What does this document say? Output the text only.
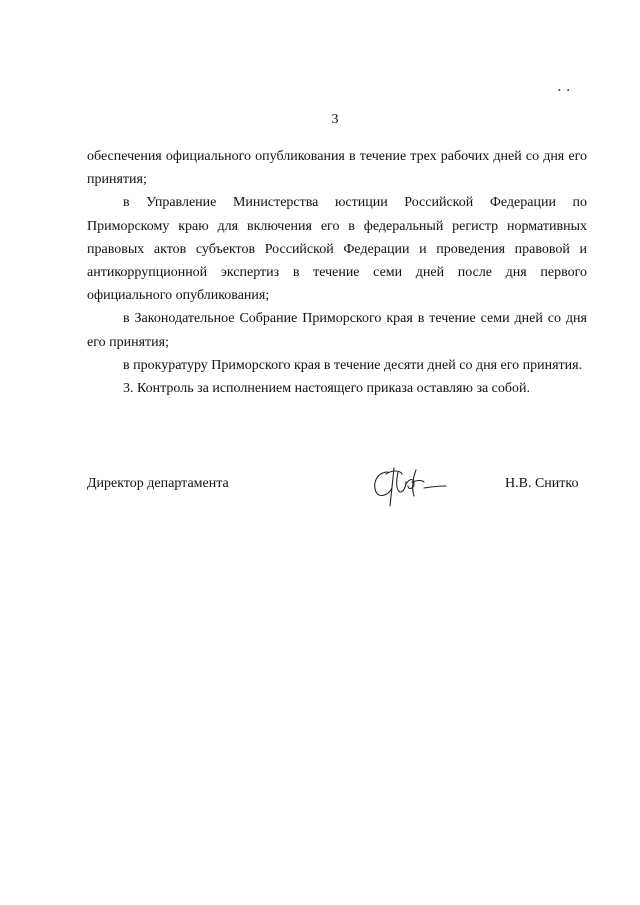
• •
3

обеспечения официального опубликования в течение трех рабочих дней со дня его принятия;

в Управление Министерства юстиции Российской Федерации по Приморскому краю для включения его в федеральный регистр нормативных правовых актов субъектов Российской Федерации и проведения правовой и антикоррупционной экспертиз в течение семи дней после дня первого официального опубликования;

в Законодательное Собрание Приморского края в течение семи дней со дня его принятия;

в прокуратуру Приморского края в течение десяти дней со дня его принятия.

3. Контроль за исполнением настоящего приказа оставляю за собой.

Директор департамента	Н.В. Снитко
